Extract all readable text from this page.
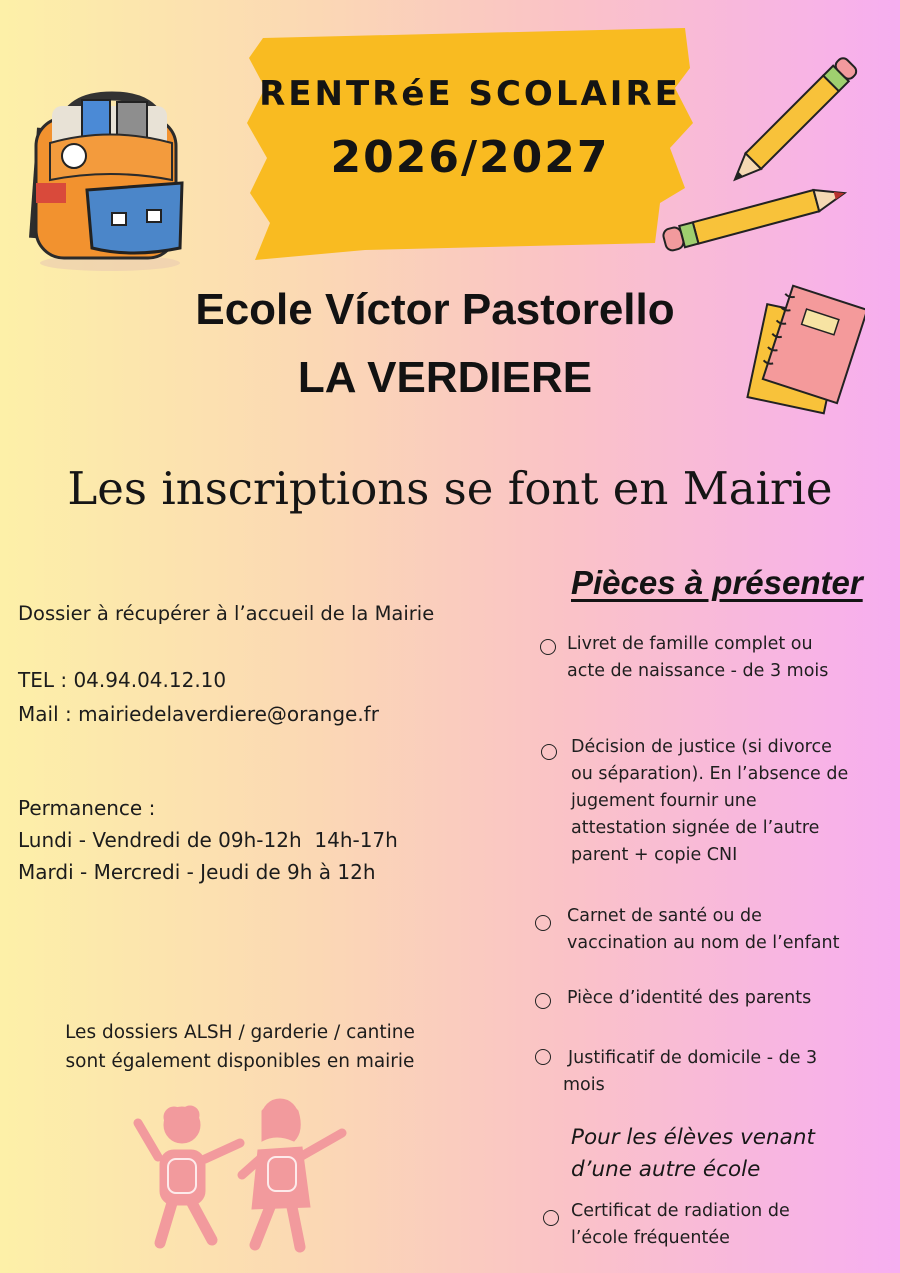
RENTRéE SCOLAIRE
2026/2027
Ecole Víctor Pastorello
LA VERDIERE
Les inscriptions se font en Mairie
Dossier à récupérer à l’accueil de la Mairie
TEL : 04.94.04.12.10
Mail : mairiedelaverdiere@orange.fr
Permanence :
Lundi - Vendredi de 09h-12h  14h-17h
Mardi - Mercredi - Jeudi de 9h à 12h
Les dossiers ALSH / garderie / cantine
sont également disponibles en mairie
Pièces à présenter
Livret de famille complet ou
acte de naissance - de 3 mois
Décision de justice (si divorce
ou séparation). En l’absence de
jugement fournir une
attestation signée de l’autre
parent + copie CNI
Carnet de santé ou de
vaccination au nom de l’enfant
Pièce d’identité des parents
Justificatif de domicile - de 3
mois
Pour les élèves venant
d’une autre école
Certificat de radiation de
l’école fréquentée
